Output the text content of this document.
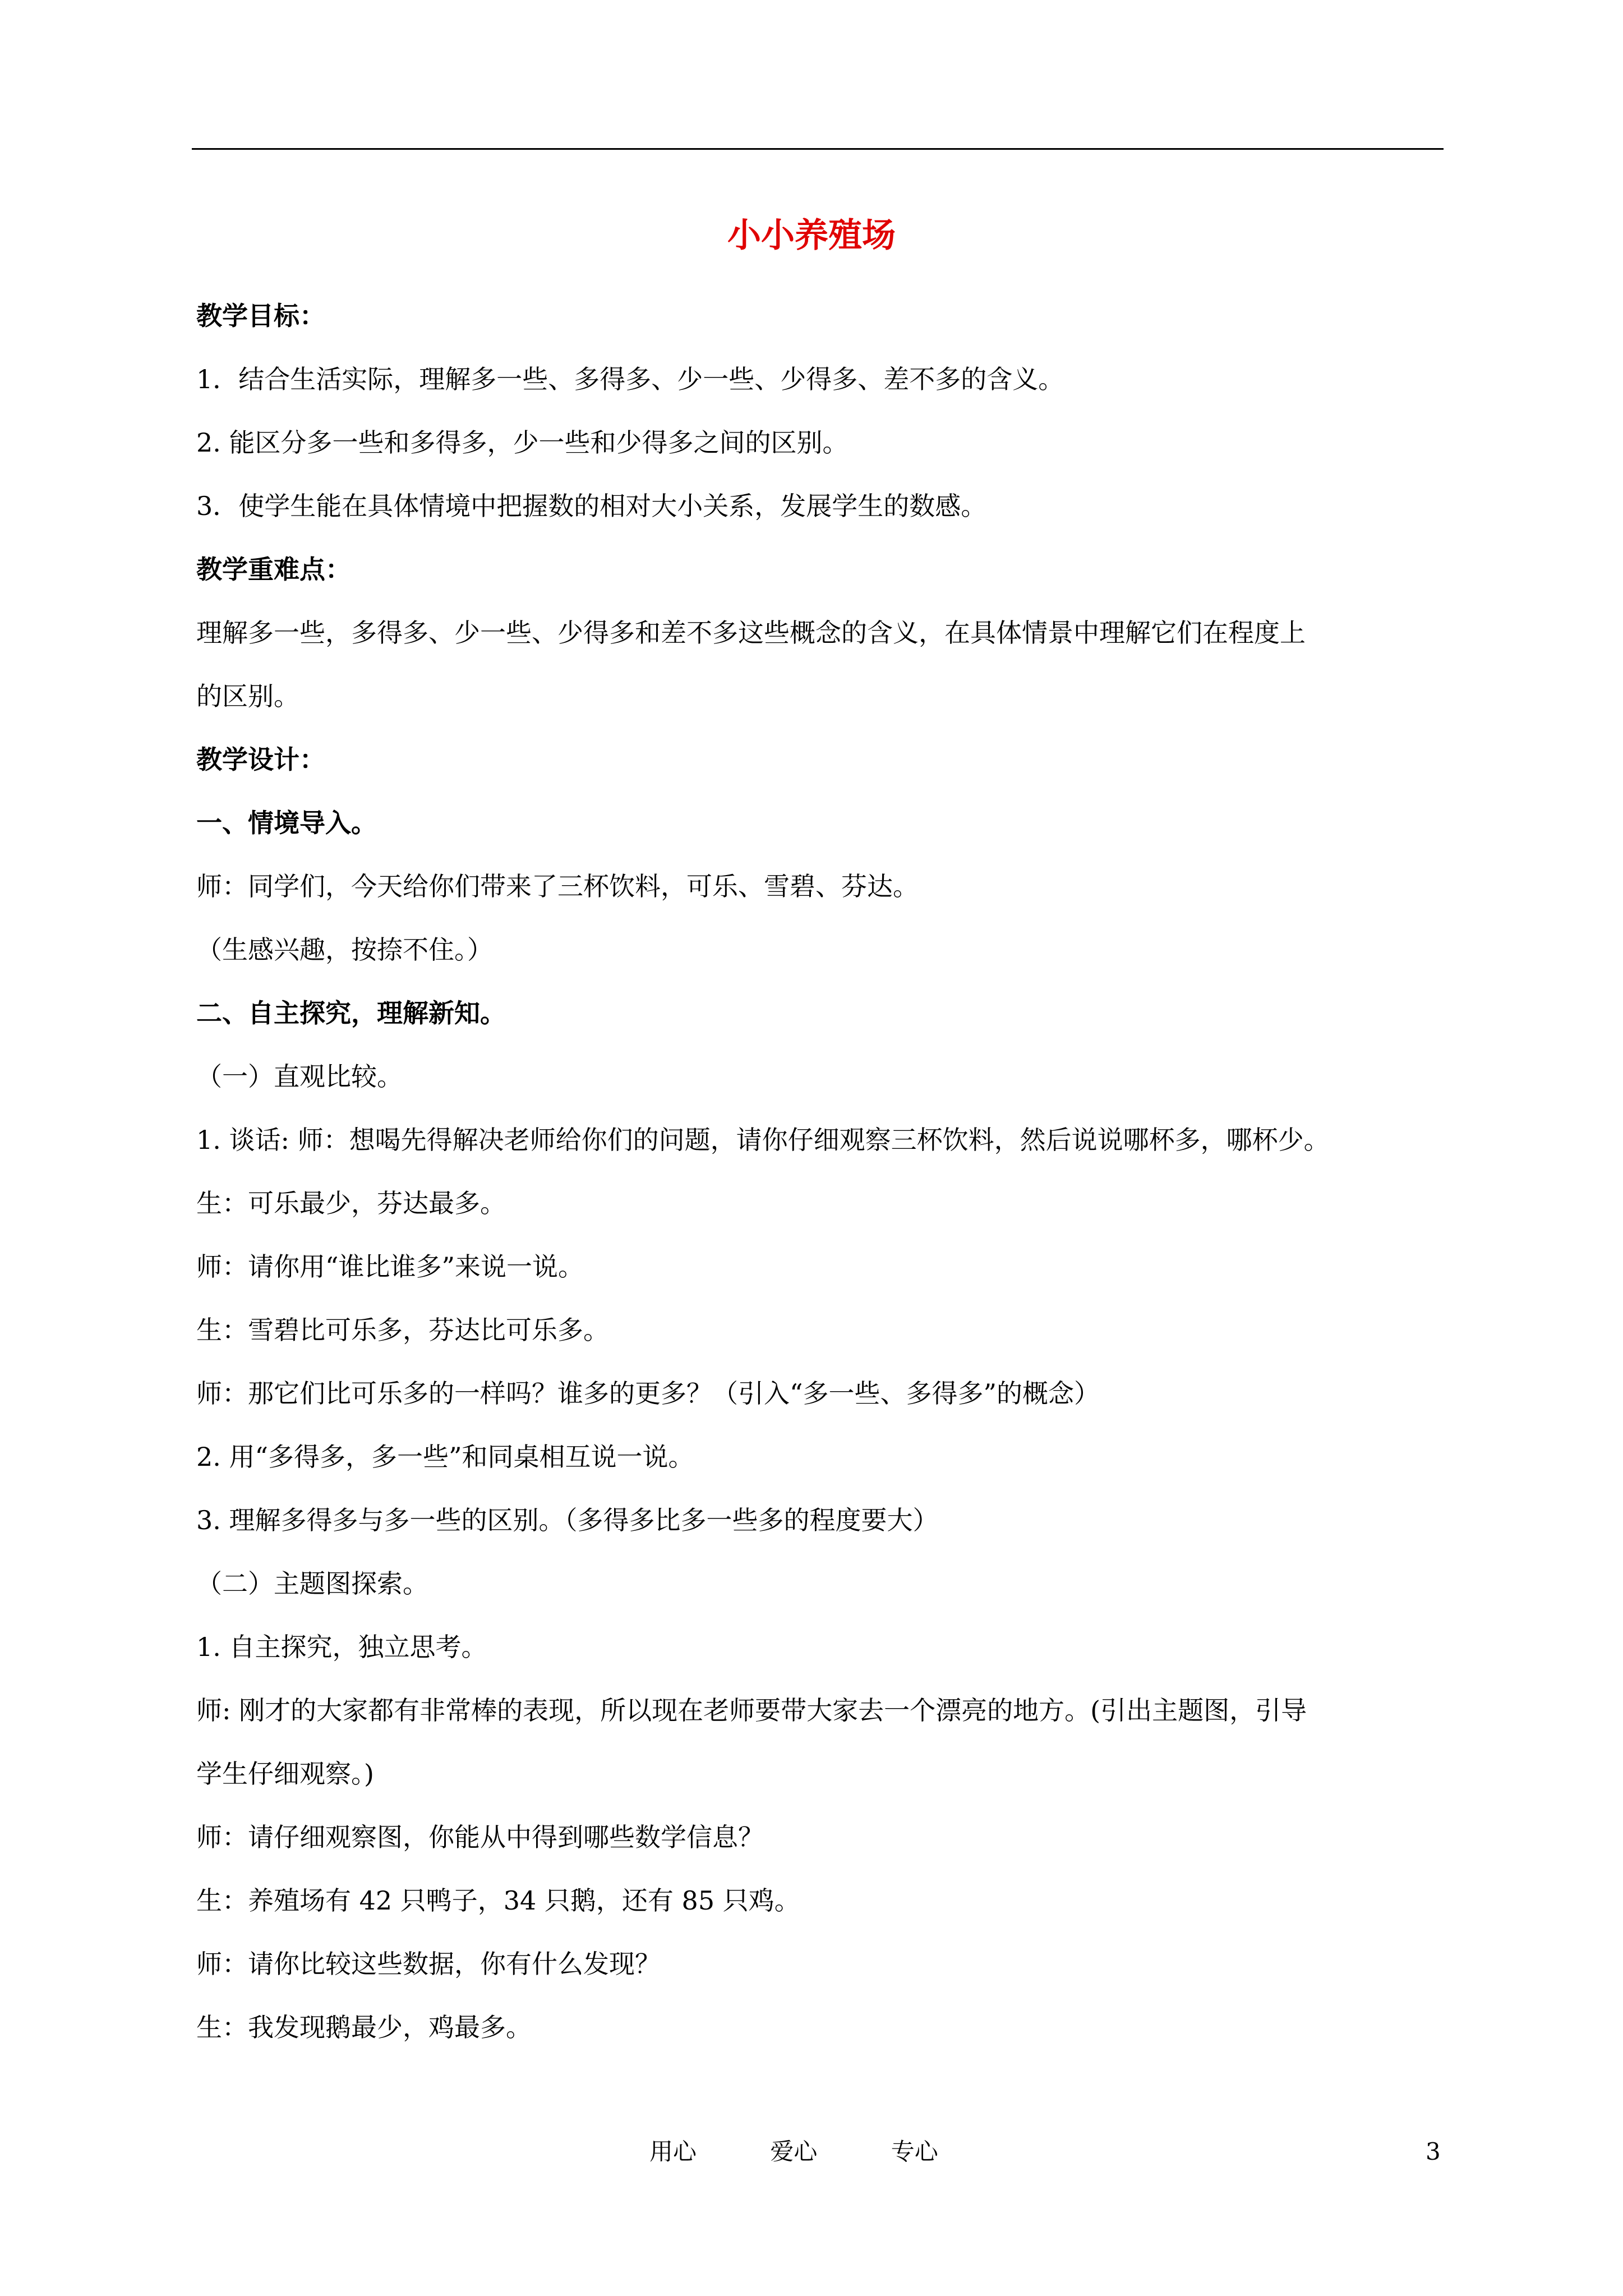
小小养殖场

教学目标：

1．结合生活实际，理解多一些、多得多、少一些、少得多、差不多的含义。

2. 能区分多一些和多得多，少一些和少得多之间的区别。

3．使学生能在具体情境中把握数的相对大小关系，发展学生的数感。

教学重难点：

理解多一些，多得多、少一些、少得多和差不多这些概念的含义，在具体情景中理解它们在程度上

的区别。

教学设计：

一、情境导入。

师：同学们，今天给你们带来了三杯饮料，可乐、雪碧、芬达。

（生感兴趣，按捺不住。）

二、自主探究，理解新知。

（一）直观比较。

1. 谈话: 师：想喝先得解决老师给你们的问题，请你仔细观察三杯饮料，然后说说哪杯多，哪杯少。

生：可乐最少，芬达最多。

师：请你用“谁比谁多”来说一说。

生：雪碧比可乐多，芬达比可乐多。

师：那它们比可乐多的一样吗？谁多的更多？（引入“多一些、多得多”的概念）

2. 用“多得多，多一些”和同桌相互说一说。

3. 理解多得多与多一些的区别。（多得多比多一些多的程度要大）

（二）主题图探索。

1. 自主探究，独立思考。

师: 刚才的大家都有非常棒的表现，所以现在老师要带大家去一个漂亮的地方。(引出主题图，引导

学生仔细观察。)

师：请仔细观察图，你能从中得到哪些数学信息？

生：养殖场有 42 只鸭子，34 只鹅，还有 85 只鸡。

师：请你比较这些数据，你有什么发现？

生：我发现鹅最少，鸡最多。

用心	爱心	专心	3
